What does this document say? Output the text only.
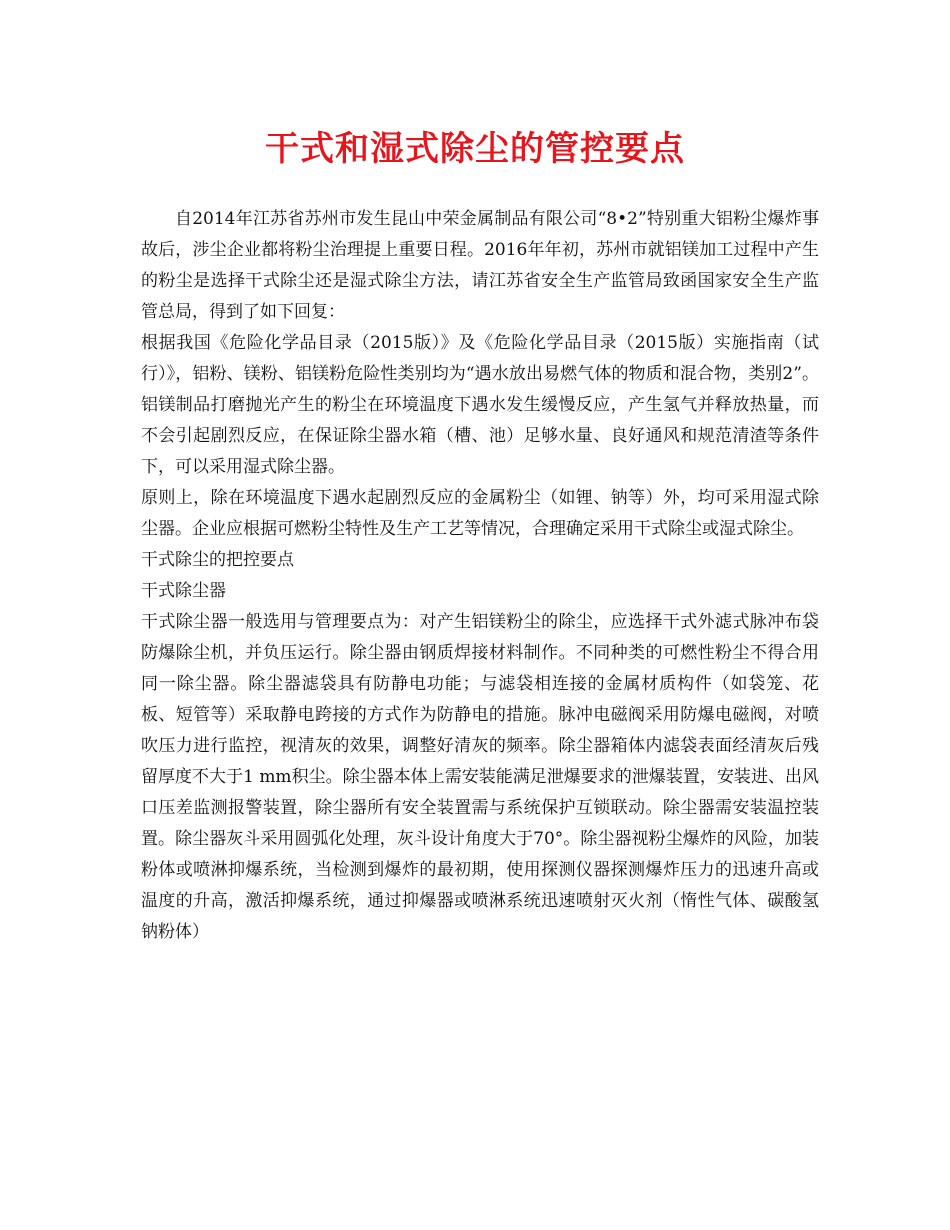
干式和湿式除尘的管控要点

自2014年江苏省苏州市发生昆山中荣金属制品有限公司“8•2”特别重大铝粉尘爆炸事故后，涉尘企业都将粉尘治理提上重要日程。2016年年初，苏州市就铝镁加工过程中产生的粉尘是选择干式除尘还是湿式除尘方法，请江苏省安全生产监管局致函国家安全生产监管总局，得到了如下回复：

根据我国《危险化学品目录（2015版）》及《危险化学品目录（2015版）实施指南（试行）》，铝粉、镁粉、铝镁粉危险性类别均为“遇水放出易燃气体的物质和混合物，类别2”。铝镁制品打磨抛光产生的粉尘在环境温度下遇水发生缓慢反应，产生氢气并释放热量，而不会引起剧烈反应，在保证除尘器水箱（槽、池）足够水量、良好通风和规范清渣等条件下，可以采用湿式除尘器。

原则上，除在环境温度下遇水起剧烈反应的金属粉尘（如锂、钠等）外，均可采用湿式除尘器。企业应根据可燃粉尘特性及生产工艺等情况，合理确定采用干式除尘或湿式除尘。

干式除尘的把控要点

干式除尘器

干式除尘器一般选用与管理要点为：对产生铝镁粉尘的除尘，应选择干式外滤式脉冲布袋防爆除尘机，并负压运行。除尘器由钢质焊接材料制作。不同种类的可燃性粉尘不得合用同一除尘器。除尘器滤袋具有防静电功能；与滤袋相连接的金属材质构件（如袋笼、花板、短管等）采取静电跨接的方式作为防静电的措施。脉冲电磁阀采用防爆电磁阀，对喷吹压力进行监控，视清灰的效果，调整好清灰的频率。除尘器箱体内滤袋表面经清灰后残留厚度不大于1 mm积尘。除尘器本体上需安装能满足泄爆要求的泄爆装置，安装进、出风口压差监测报警装置，除尘器所有安全装置需与系统保护互锁联动。除尘器需安装温控装置。除尘器灰斗采用圆弧化处理，灰斗设计角度大于70°。除尘器视粉尘爆炸的风险，加装粉体或喷淋抑爆系统，当检测到爆炸的最初期，使用探测仪器探测爆炸压力的迅速升高或温度的升高，激活抑爆系统，通过抑爆器或喷淋系统迅速喷射灭火剂（惰性气体、碳酸氢钠粉体）
